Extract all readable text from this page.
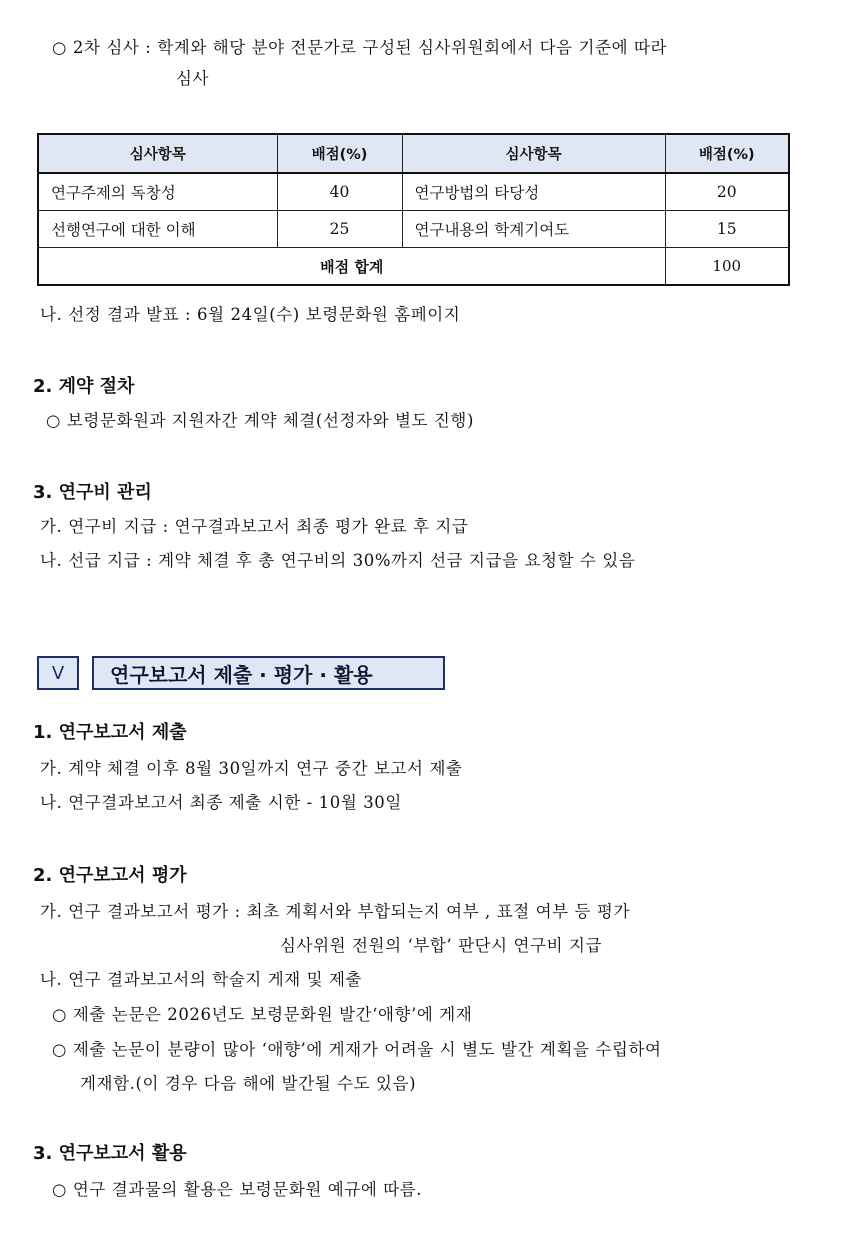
○ 2차 심사 : 학계와 해당 분야 전문가로 구성된 심사위원회에서 다음 기준에 따라
심사
심사항목	배점(%)	심사항목	배점(%)
연구주제의 독창성	40	연구방법의 타당성	20
선행연구에 대한 이해	25	연구내용의 학계기여도	15
배점 합계			100
나. 선정 결과 발표 : 6월 24일(수) 보령문화원 홈페이지
2. 계약 절차
○ 보령문화원과 지원자간 계약 체결(선정자와 별도 진행)
3. 연구비 관리
가. 연구비 지급 : 연구결과보고서 최종 평가 완료 후 지급
나. 선급 지급 : 계약 체결 후 총 연구비의 30%까지 선금 지급을 요청할 수 있음
Ⅴ	연구보고서 제출 · 평가 · 활용
1. 연구보고서 제출
가. 계약 체결 이후 8월 30일까지 연구 중간 보고서 제출
나. 연구결과보고서 최종 제출 시한 - 10월 30일
2. 연구보고서 평가
가. 연구 결과보고서 평가 : 최초 계획서와 부합되는지 여부 , 표절 여부 등 평가
심사위원 전원의 ‘부합’ 판단시 연구비 지급
나. 연구 결과보고서의 학술지 게재 및 제출
○ 제출 논문은 2026년도 보령문화원 발간‘애향’에 게재
○ 제출 논문이 분량이 많아 ‘애향’에 게재가 어려울 시 별도 발간 계획을 수립하여
게재함.(이 경우 다음 해에 발간될 수도 있음)
3. 연구보고서 활용
○ 연구 결과물의 활용은 보령문화원 예규에 따름.
